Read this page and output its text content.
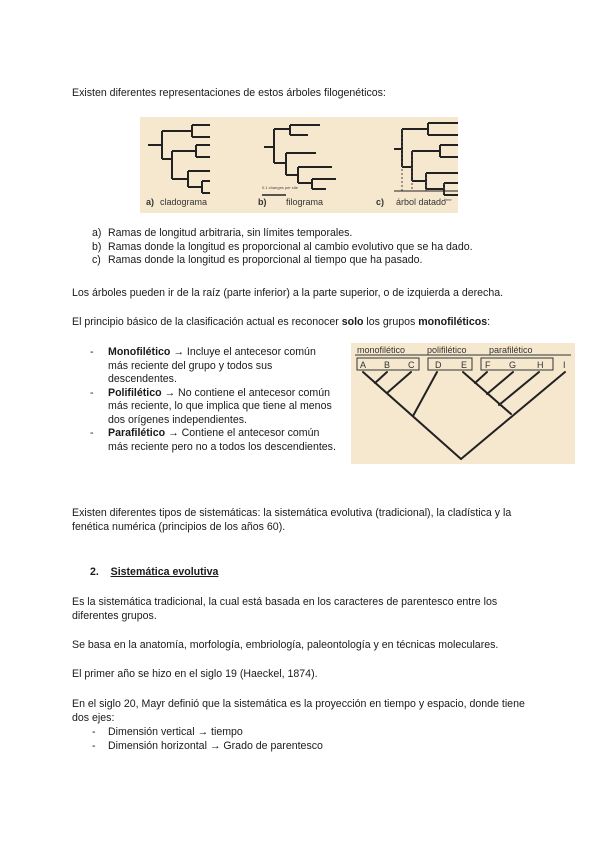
Existen diferentes representaciones de estos árboles filogenéticos:

0.1 changes per site
time
a) cladograma	b) filograma	c) árbol datado
a) Ramas de longitud arbitraria, sin límites temporales.
b) Ramas donde la longitud es proporcional al cambio evolutivo que se ha dado.
c) Ramas donde la longitud es proporcional al tiempo que ha pasado.

Los árboles pueden ir de la raíz (parte inferior) a la parte superior, o de izquierda a derecha.

El principio básico de la clasificación actual es reconocer solo los grupos monofiléticos:

- Monofilético → Incluye el antecesor común más reciente del grupo y todos sus descendentes.
- Polifilético → No contiene el antecesor común más reciente, lo que implica que tiene al menos dos orígenes independientes.
- Parafilético → Contiene el antecesor común más reciente pero no a todos los descendientes.
monofilético polifilético parafilético
A B C D E F G H I

Existen diferentes tipos de sistemáticas: la sistemática evolutiva (tradicional), la cladística y la fenética numérica (principios de los años 60).

2. Sistemática evolutiva

Es la sistemática tradicional, la cual está basada en los caracteres de parentesco entre los diferentes grupos.

Se basa en la anatomía, morfología, embriología, paleontología y en técnicas moleculares.

El primer año se hizo en el siglo 19 (Haeckel, 1874).

En el siglo 20, Mayr definió que la sistemática es la proyección en tiempo y espacio, donde tiene dos ejes:

- Dimensión vertical → tiempo
- Dimensión horizontal → Grado de parentesco
